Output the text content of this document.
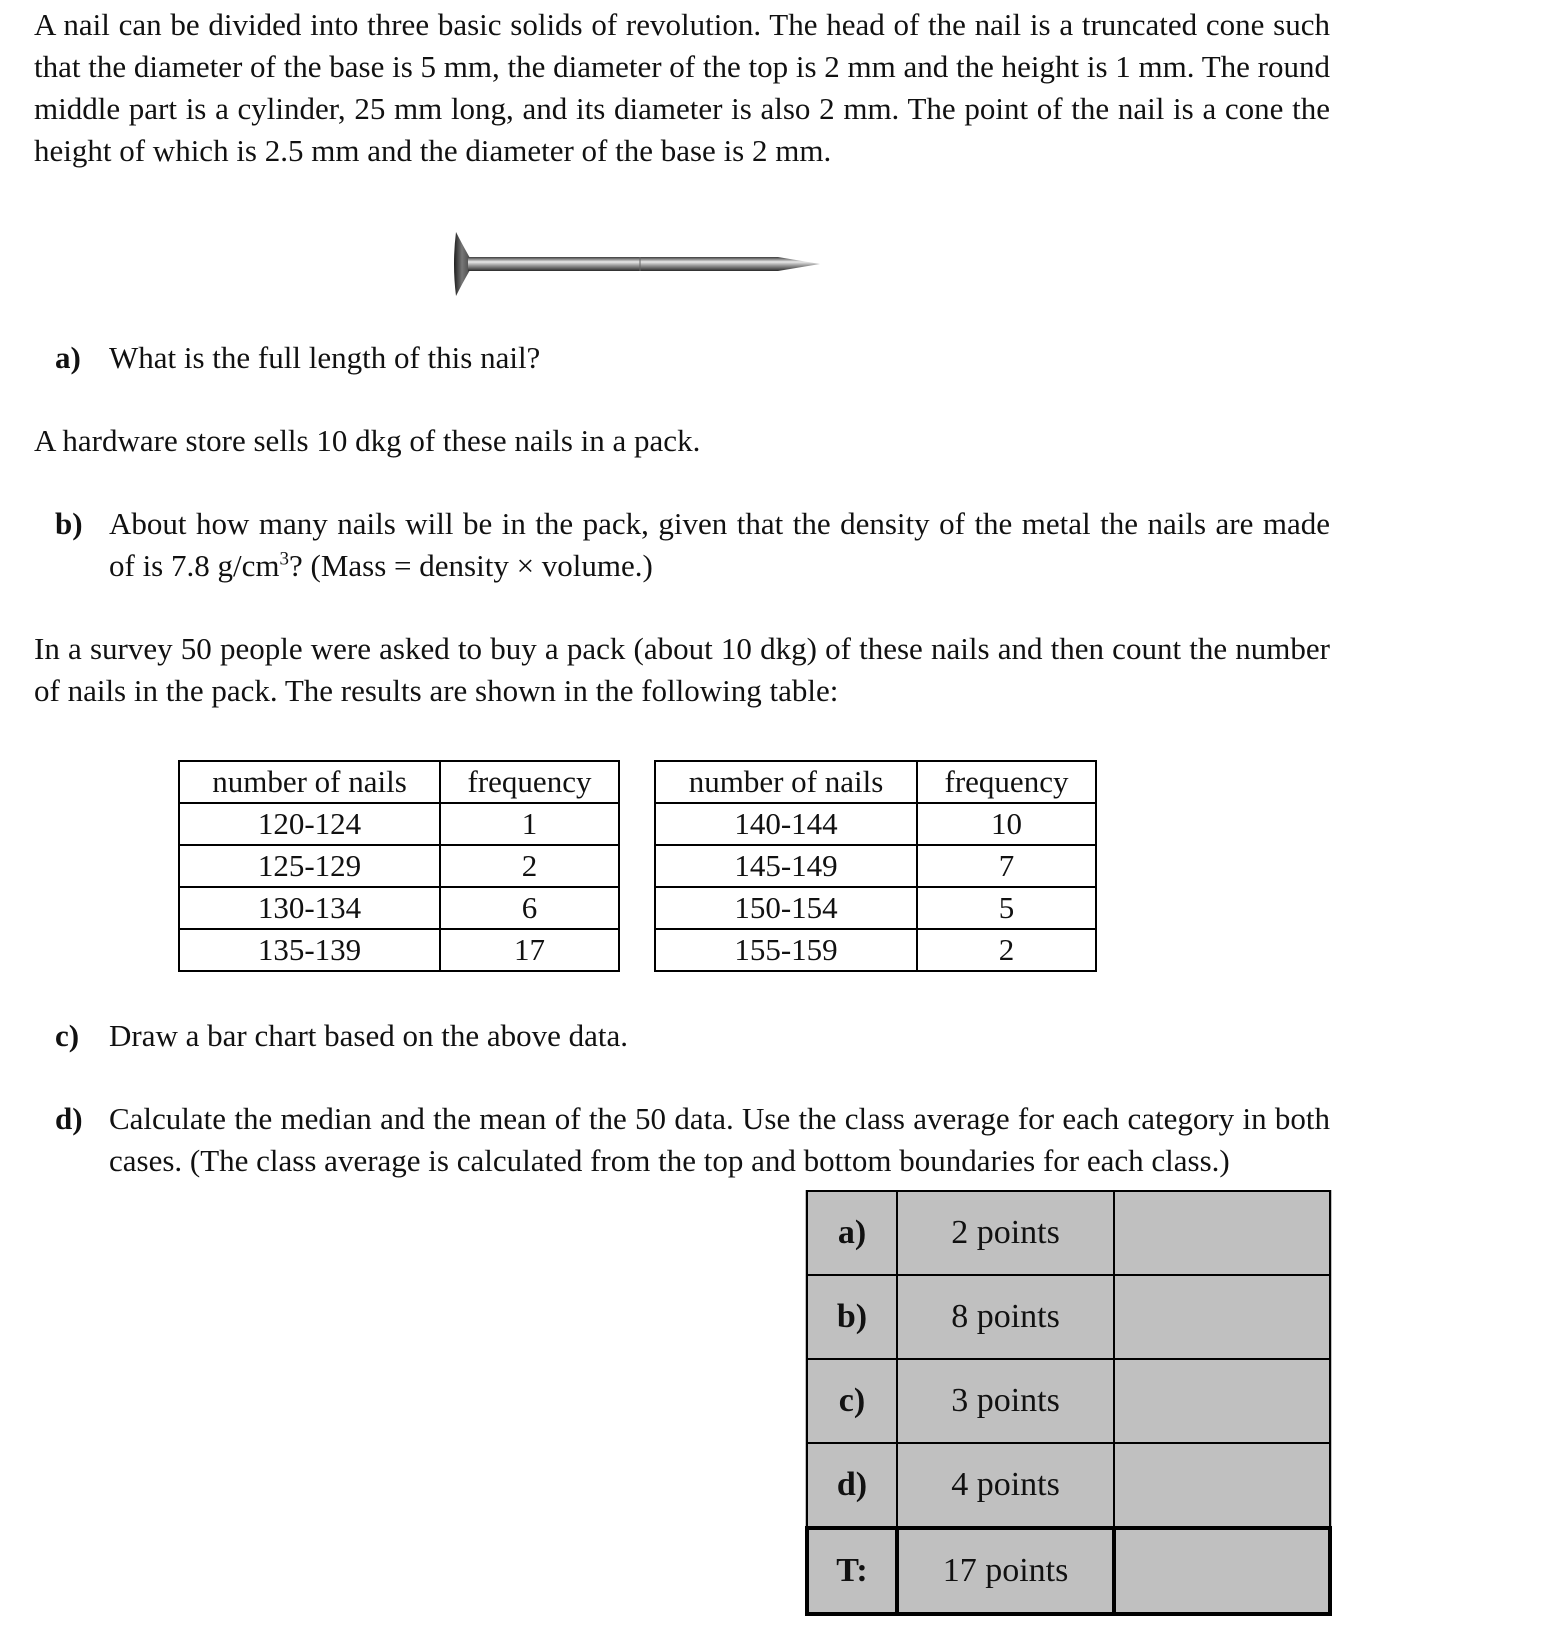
A nail can be divided into three basic solids of revolution. The head of the nail is a truncated cone such that the diameter of the base is 5 mm, the diameter of the top is 2 mm and the height is 1 mm. The round middle part is a cylinder, 25 mm long, and its diameter is also 2 mm. The point of the nail is a cone the height of which is 2.5 mm and the diameter of the base is 2 mm.

a) What is the full length of this nail?

A hardware store sells 10 dkg of these nails in a pack.

b) About how many nails will be in the pack, given that the density of the metal the nails are made of is 7.8 $g/cm^3$? (Mass = density × volume.)

In a survey 50 people were asked to buy a pack (about 10 dkg) of these nails and then count the number of nails in the pack. The results are shown in the following table:

number of nails	frequency
120-124	1
125-129	2
130-134	6
135-139	17
number of nails	frequency
140-144	10
145-149	7
150-154	5
155-159	2
c) Draw a bar chart based on the above data.
d) Calculate the median and the mean of the 50 data. Use the class average for each category in both cases. (The class average is calculated from the top and bottom boundaries for each class.)
a)	2 points	
b)	8 points	
c)	3 points	
d)	4 points	
T:	17 points	
